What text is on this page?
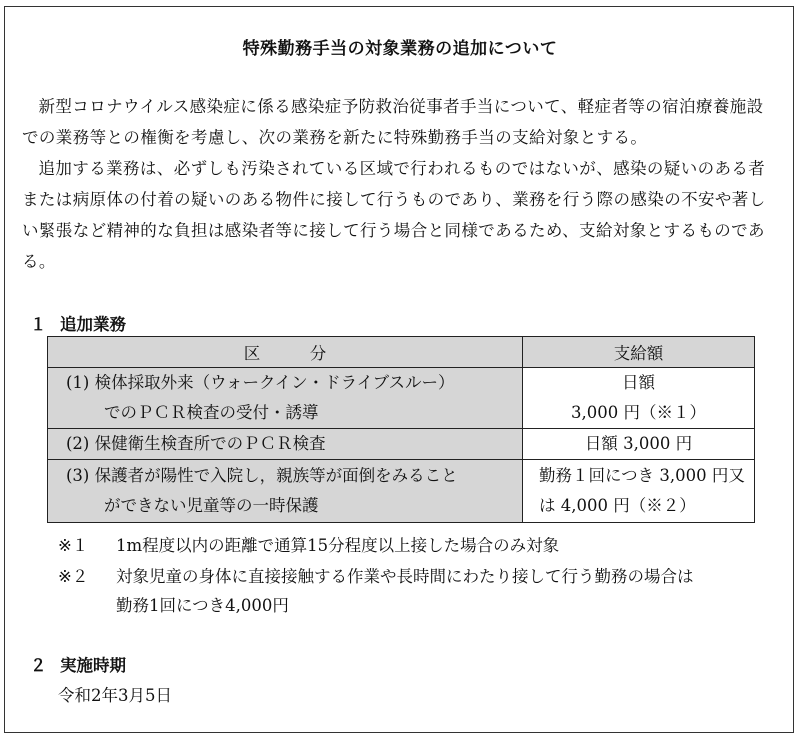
特殊勤務手当の対象業務の追加について

新型コロナウイルス感染症に係る感染症予防救治従事者手当について、軽症者等の宿泊療養施設での業務等との権衡を考慮し、次の業務を新たに特殊勤務手当の支給対象とする。

追加する業務は、必ずしも汚染されている区域で行われるものではないが、感染の疑いのある者または病原体の付着の疑いのある物件に接して行うものであり、業務を行う際の感染の不安や著しい緊張など精神的な負担は感染者等に接して行う場合と同様であるため、支給対象とするものである。

１ 追加業務
区　　　分	支給額

(1) 検体採取外来（ウォークイン・ドライブスルー）
でのＰＣＲ検査の受付・誘導	日額
3,000 円（※１）

(2) 保健衛生検査所でのＰＣＲ検査	日額 3,000 円

(3) 保護者が陽性で入院し，親族等が面倒をみること
ができない児童等の一時保護	勤務１回につき 3,000 円又
は 4,000 円（※２）
※１ 1m程度以内の距離で通算15分程度以上接した場合のみ対象
※２ 対象児童の身体に直接接触する作業や長時間にわたり接して行う勤務の場合は
勤務1回につき4,000円
２ 実施時期
令和2年3月5日
